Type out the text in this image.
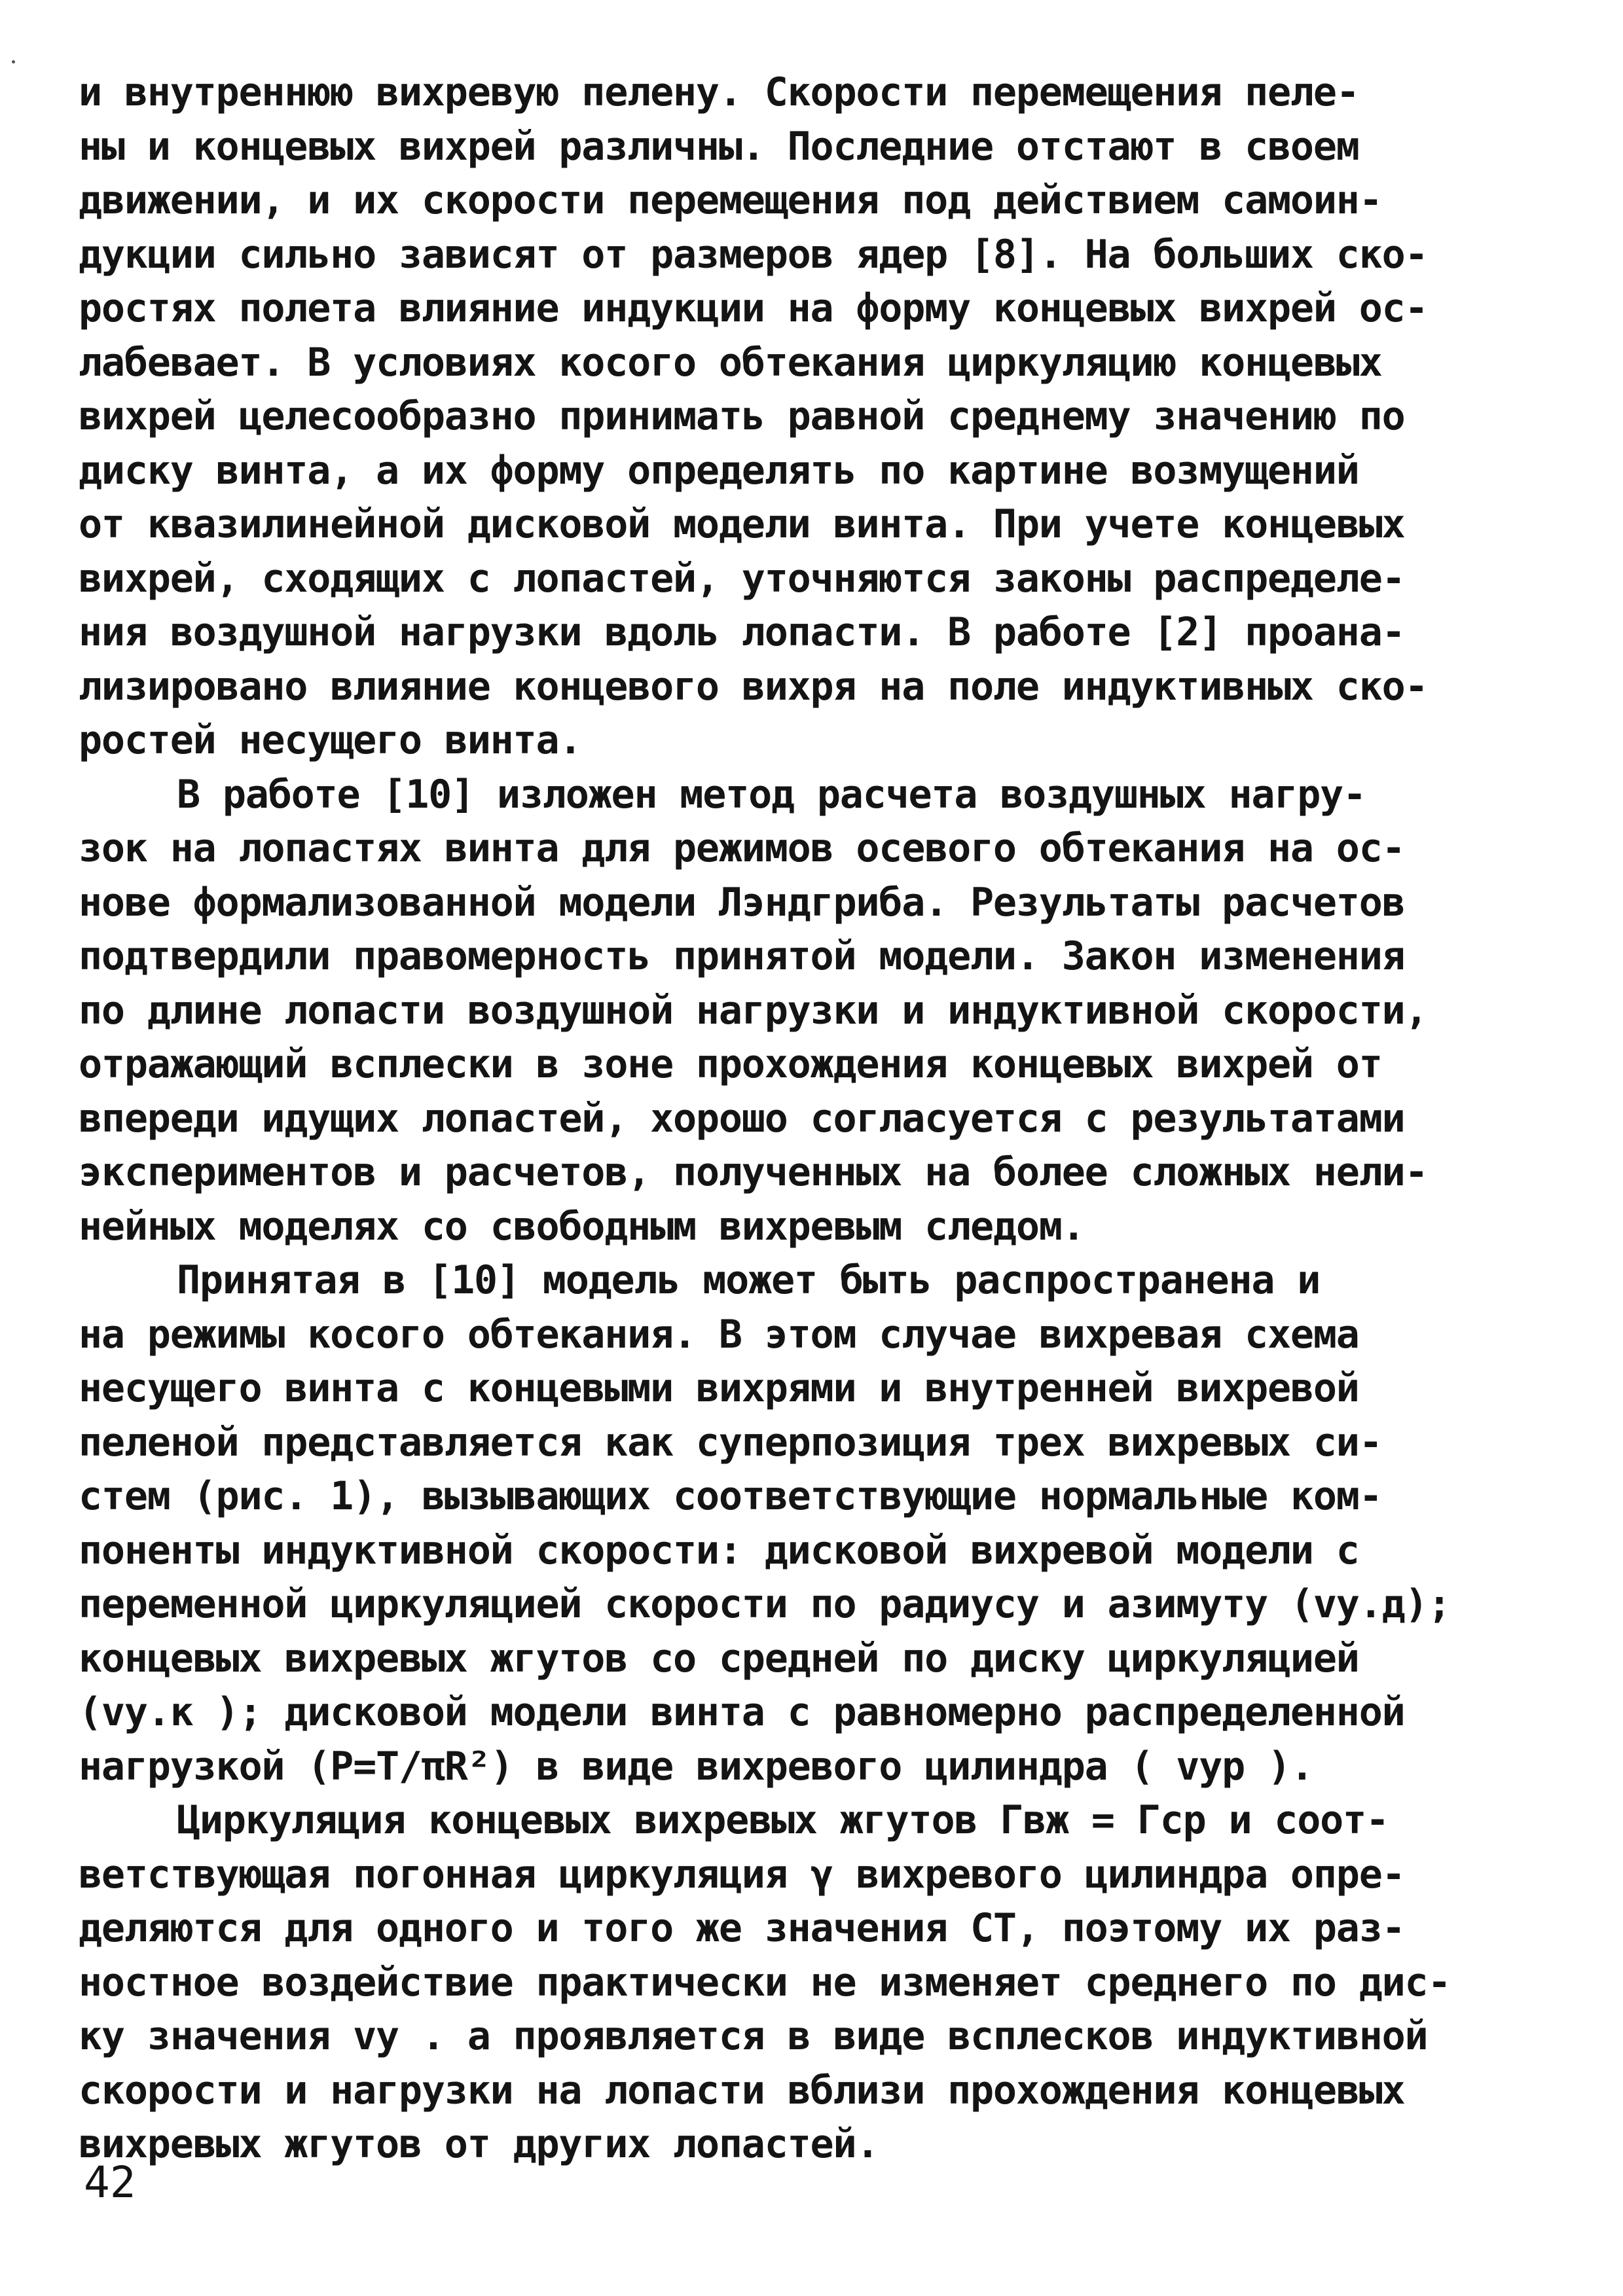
и внутреннюю вихревую пелену. Скорости перемещения пеле-
ны и концевых вихрей различны. Последние отстают в своем
движении, и их скорости перемещения под действием самоин-
дукции сильно зависят от размеров ядер [8]. На больших ско-
ростях полета влияние индукции на форму концевых вихрей ос-
лабевает. В условиях косого обтекания циркуляцию концевых
вихрей целесообразно принимать равной среднему значению по
диску винта, а их форму определять по картине возмущений
от квазилинейной дисковой модели винта. При учете концевых
вихрей, сходящих с лопастей, уточняются законы распределе-
ния воздушной нагрузки вдоль лопасти. В работе [2] проана-
лизировано влияние концевого вихря на поле индуктивных ско-
ростей несущего винта.
В работе [10] изложен метод расчета воздушных нагру-
зок на лопастях винта для режимов осевого обтекания на ос-
нове формализованной модели Лэндгриба. Результаты расчетов
подтвердили правомерность принятой модели. Закон изменения
по длине лопасти воздушной нагрузки и индуктивной скорости,
отражающий всплески в зоне прохождения концевых вихрей от
впереди идущих лопастей, хорошо согласуется с результатами
экспериментов и расчетов, полученных на более сложных нели-
нейных моделях со свободным вихревым следом.
Принятая в [10] модель может быть распространена и
на режимы косого обтекания. В этом случае вихревая схема
несущего винта с концевыми вихрями и внутренней вихревой
пеленой представляется как суперпозиция трех вихревых си-
стем (рис. 1), вызывающих соответствующие нормальные ком-
поненты индуктивной скорости: дисковой вихревой модели с
переменной циркуляцией скорости по радиусу и азимуту (vy.д);
концевых вихревых жгутов со средней по диску циркуляцией
(vy.к ); дисковой модели винта с равномерно распределенной
нагрузкой (P=T/πR²) в виде вихревого цилиндра ( vyp ).
Циркуляция концевых вихревых жгутов Γвж = Γср и соот-
ветствующая погонная циркуляция γ вихревого цилиндра опре-
деляются для одного и того же значения CT, поэтому их раз-
ностное воздействие практически не изменяет среднего по дис-
ку значения vy . а проявляется в виде всплесков индуктивной
скорости и нагрузки на лопасти вблизи прохождения концевых
вихревых жгутов от других лопастей.
42
